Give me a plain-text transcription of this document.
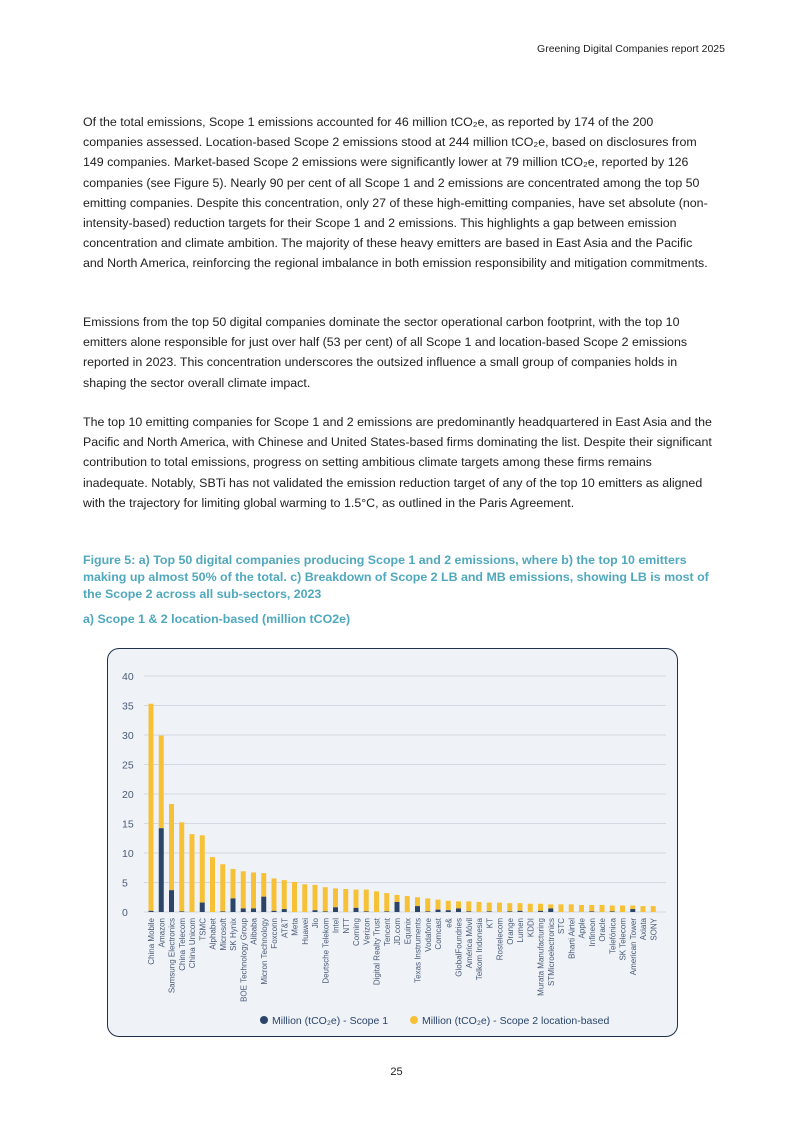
Greening Digital Companies report 2025

Of the total emissions, Scope 1 emissions accounted for 46 million tCO₂e, as reported by 174 of the 200 companies assessed. Location-based Scope 2 emissions stood at 244 million tCO₂e, based on disclosures from 149 companies. Market-based Scope 2 emissions were significantly lower at 79 million tCO₂e, reported by 126 companies (see Figure 5). Nearly 90 per cent of all Scope 1 and 2 emissions are concentrated among the top 50 emitting companies. Despite this concentration, only 27 of these high-emitting companies, have set absolute (non-intensity-based) reduction targets for their Scope 1 and 2 emissions. This highlights a gap between emission concentration and climate ambition. The majority of these heavy emitters are based in East Asia and the Pacific and North America, reinforcing the regional imbalance in both emission responsibility and mitigation commitments.

Emissions from the top 50 digital companies dominate the sector operational carbon footprint, with the top 10 emitters alone responsible for just over half (53 per cent) of all Scope 1 and location-based Scope 2 emissions reported in 2023. This concentration underscores the outsized influence a small group of companies holds in shaping the sector overall climate impact.

The top 10 emitting companies for Scope 1 and 2 emissions are predominantly headquartered in East Asia and the Pacific and North America, with Chinese and United States-based firms dominating the list. Despite their significant contribution to total emissions, progress on setting ambitious climate targets among these firms remains inadequate. Notably, SBTi has not validated the emission reduction target of any of the top 10 emitters as aligned with the trajectory for limiting global warming to 1.5°C, as outlined in the Paris Agreement.

Figure 5: a) Top 50 digital companies producing Scope 1 and 2 emissions, where b) the top 10 emitters making up almost 50% of the total. c) Breakdown of Scope 2 LB and MB emissions, showing LB is most of the Scope 2 across all sub-sectors, 2023

a) Scope 1 & 2 location-based (million tCO2e)

0
5
10
15
20
25
30
35
40
China Mobile Amazon Samsung Electronics China Telecom China Unicom TSMC Alphabet Microsoft SK Hynix BOE Technology Group Alibaba Micron Technology Foxconn AT&T Meta Huawei Jio Deutsche Telekom Intel NTT Corning Verizon Digital Realty Trust Tencent JD.com Equinix Texas Instruments Vodafone Comcast e& GlobalFoundries América Móvil Telkom Indonesia KT Rostelecom Orange Lumen KDDI Murata Manufacturing STMicroelectronics STC Bharti Airtel Apple Infineon Oracle Telefónica SK Telecom American Tower Axiata SONY
Million (tCO₂e) - Scope 1	Million (tCO₂e) - Scope 2 location-based
25
